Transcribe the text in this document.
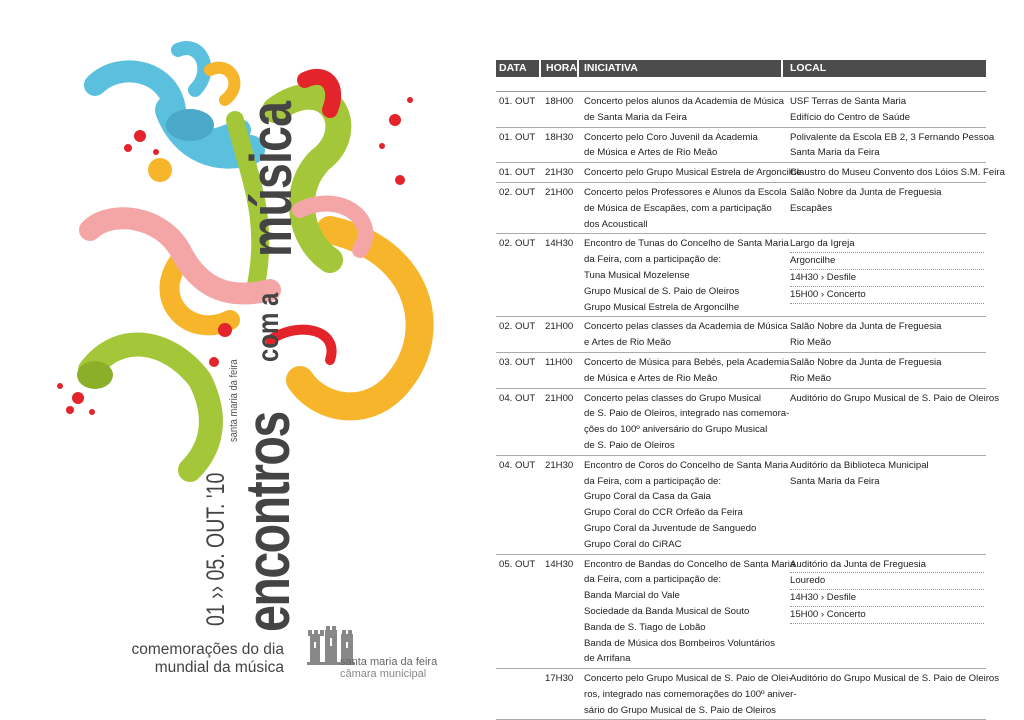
encontros
com a
música
01 ›› 05. OUT. '10
santa maria da feira
comemorações do dia
mundial da música	santa maria da feira
câmara municipal
DATA HORA INICIATIVA	LOCAL
01. OUT 18H00 Concerto pelos alunos da Academia de Música
de Santa Maria da Feira
USF Terras de Santa Maria
Edifício do Centro de Saúde
01. OUT 18H30 Concerto pelo Coro Juvenil da Academia
de Música e Artes de Rio Meão
Polivalente da Escola EB 2, 3 Fernando Pessoa
Santa Maria da Feira
01. OUT 21H30 Concerto pelo Grupo Musical Estrela de Argoncilhe
Claustro do Museu Convento dos Lóios S.M. Feira
02. OUT 21H00 Concerto pelos Professores e Alunos da Escola
de Música de Escapães, com a participação
dos Acousticall
Salão Nobre da Junta de Freguesia
Escapães
02. OUT 14H30 Encontro de Tunas do Concelho de Santa Maria
da Feira, com a participação de:
Tuna Musical Mozelense
Grupo Musical de S. Paio de Oleiros
Grupo Musical Estrela de Argoncilhe
Largo da Igreja
Argoncilhe
14H30 › Desfile
15H00 › Concerto
02. OUT 21H00 Concerto pelas classes da Academia de Música
e Artes de Rio Meão
Salão Nobre da Junta de Freguesia
Rio Meão
03. OUT 11H00 Concerto de Música para Bebés, pela Academia
de Música e Artes de Rio Meão
Salão Nobre da Junta de Freguesia
Rio Meão
04. OUT 21H00 Concerto pelas classes do Grupo Musical
de S. Paio de Oleiros, integrado nas comemora-
ções do 100º aniversário do Grupo Musical
de S. Paio de Oleiros
Auditório do Grupo Musical de S. Paio de Oleiros
04. OUT 21H30 Encontro de Coros do Concelho de Santa Maria
da Feira, com a participação de:
Grupo Coral da Casa da Gaia
Grupo Coral do CCR Orfeão da Feira
Grupo Coral da Juventude de Sanguedo
Grupo Coral do CiRAC
Auditório da Biblioteca Municipal
Santa Maria da Feira
05. OUT 14H30 Encontro de Bandas do Concelho de Santa Maria
da Feira, com a participação de:
Banda Marcial do Vale
Sociedade da Banda Musical de Souto
Banda de S. Tiago de Lobão
Banda de Música dos Bombeiros Voluntários
de Arrifana
Auditório da Junta de Freguesia
Louredo
14H30 › Desfile
15H00 › Concerto
17H30 Concerto pelo Grupo Musical de S. Paio de Olei-
ros, integrado nas comemorações do 100º aniver-
sário do Grupo Musical de S. Paio de Oleiros
Auditório do Grupo Musical de S. Paio de Oleiros
